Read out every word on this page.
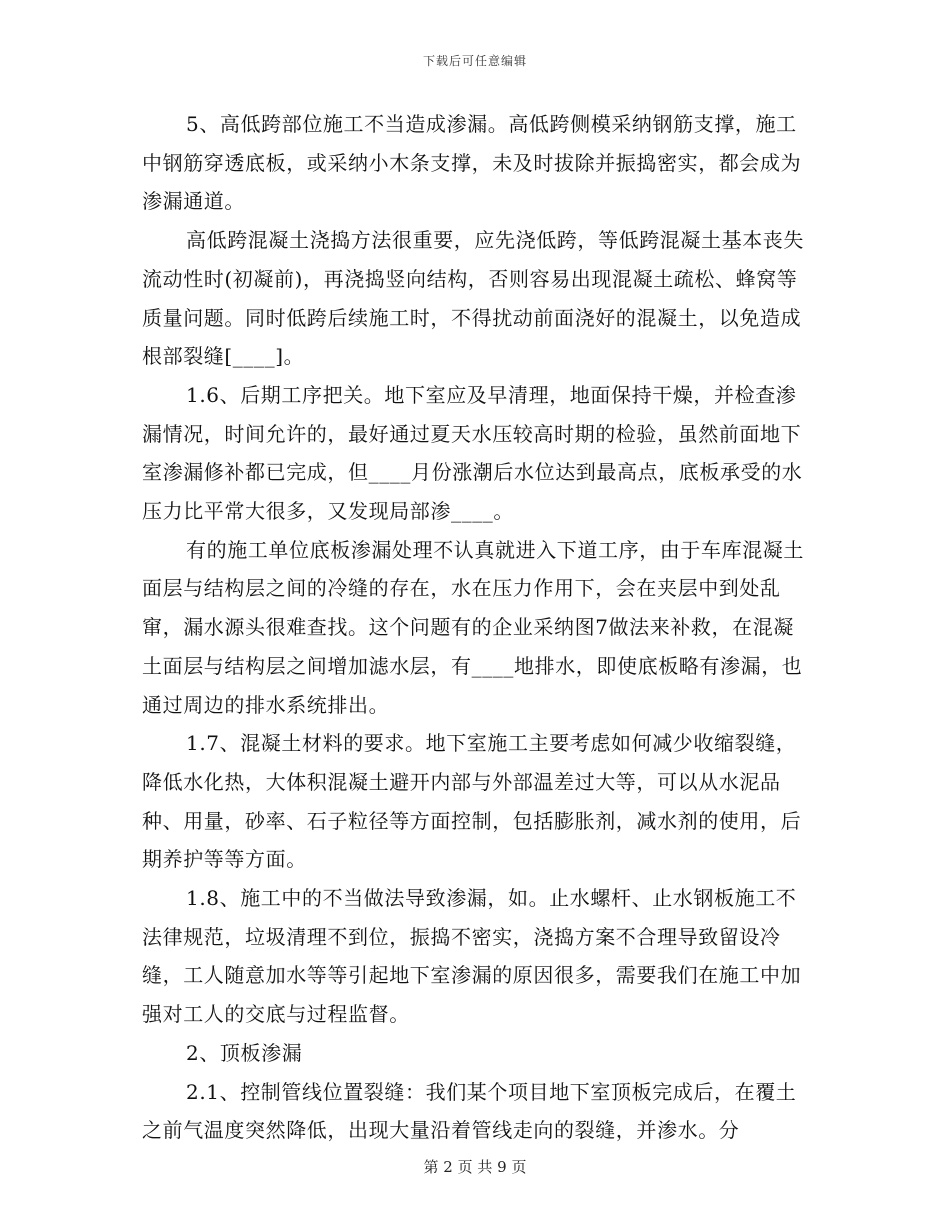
下载后可任意编辑

5、高低跨部位施工不当造成渗漏。高低跨侧模采纳钢筋支撑，施工中钢筋穿透底板，或采纳小木条支撑，未及时拔除并振捣密实，都会成为渗漏通道。

高低跨混凝土浇捣方法很重要，应先浇低跨，等低跨混凝土基本丧失流动性时(初凝前)，再浇捣竖向结构，否则容易出现混凝土疏松、蜂窝等质量问题。同时低跨后续施工时，不得扰动前面浇好的混凝土，以免造成根部裂缝[____]。

1.6、后期工序把关。地下室应及早清理，地面保持干燥，并检查渗漏情况，时间允许的，最好通过夏天水压较高时期的检验，虽然前面地下室渗漏修补都已完成，但____月份涨潮后水位达到最高点，底板承受的水压力比平常大很多，又发现局部渗____。

有的施工单位底板渗漏处理不认真就进入下道工序，由于车库混凝土面层与结构层之间的冷缝的存在，水在压力作用下，会在夹层中到处乱窜，漏水源头很难查找。这个问题有的企业采纳图7做法来补救，在混凝土面层与结构层之间增加滤水层，有____地排水，即使底板略有渗漏，也通过周边的排水系统排出。

1.7、混凝土材料的要求。地下室施工主要考虑如何减少收缩裂缝，降低水化热，大体积混凝土避开内部与外部温差过大等，可以从水泥品种、用量，砂率、石子粒径等方面控制，包括膨胀剂，减水剂的使用，后期养护等等方面。

1.8、施工中的不当做法导致渗漏，如。止水螺杆、止水钢板施工不法律规范，垃圾清理不到位，振捣不密实，浇捣方案不合理导致留设冷缝，工人随意加水等等引起地下室渗漏的原因很多，需要我们在施工中加强对工人的交底与过程监督。

2、顶板渗漏

2.1、控制管线位置裂缝：我们某个项目地下室顶板完成后，在覆土之前气温度突然降低，出现大量沿着管线走向的裂缝，并渗水。分

第 2 页 共 9 页
